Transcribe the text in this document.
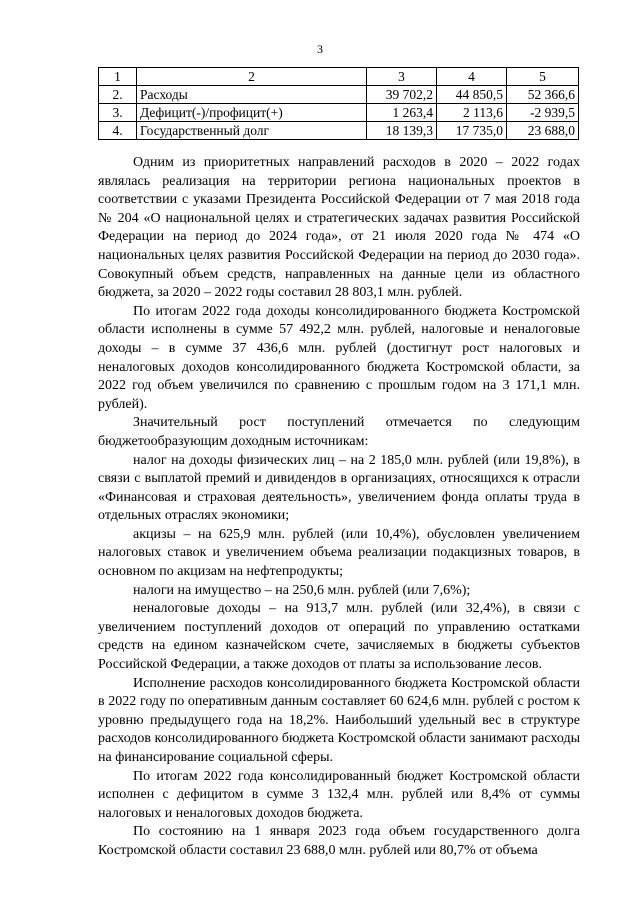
3
1	2	3	4	5
2.	Расходы	39 702,2	44 850,5	52 366,6
3.	Дефицит(-)/профицит(+)	1 263,4	2 113,6	-2 939,5
4.	Государственный долг	18 139,3	17 735,0	23 688,0

Одним из приоритетных направлений расходов в 2020 – 2022 годах являлась реализация на территории региона национальных проектов в соответствии с указами Президента Российской Федерации от 7 мая 2018 года № 204 «О национальной целях и стратегических задачах развития Российской Федерации на период до 2024 года», от 21 июля 2020 года № 474 «О национальных целях развития Российской Федерации на период до 2030 года». Совокупный объем средств, направленных на данные цели из областного бюджета, за 2020 – 2022 годы составил 28 803,1 млн. рублей.

По итогам 2022 года доходы консолидированного бюджета Костромской области исполнены в сумме 57 492,2 млн. рублей, налоговые и неналоговые доходы – в сумме 37 436,6 млн. рублей (достигнут рост налоговых и неналоговых доходов консолидированного бюджета Костромской области, за 2022 год объем увеличился по сравнению с прошлым годом на 3 171,1 млн. рублей).

Значительный рост поступлений отмечается по следующим бюджетообразующим доходным источникам:

налог на доходы физических лиц – на 2 185,0 млн. рублей (или 19,8%), в связи с выплатой премий и дивидендов в организациях, относящихся к отрасли «Финансовая и страховая деятельность», увеличением фонда оплаты труда в отдельных отраслях экономики;

акцизы – на 625,9 млн. рублей (или 10,4%), обусловлен увеличением налоговых ставок и увеличением объема реализации подакцизных товаров, в основном по акцизам на нефтепродукты;

налоги на имущество – на 250,6 млн. рублей (или 7,6%);

неналоговые доходы – на 913,7 млн. рублей (или 32,4%), в связи с увеличением поступлений доходов от операций по управлению остатками средств на едином казначейском счете, зачисляемых в бюджеты субъектов Российской Федерации, а также доходов от платы за использование лесов.

Исполнение расходов консолидированного бюджета Костромской области в 2022 году по оперативным данным составляет 60 624,6 млн. рублей с ростом к уровню предыдущего года на 18,2%. Наибольший удельный вес в структуре расходов консолидированного бюджета Костромской области занимают расходы на финансирование социальной сферы.

По итогам 2022 года консолидированный бюджет Костромской области исполнен с дефицитом в сумме 3 132,4 млн. рублей или 8,4% от суммы налоговых и неналоговых доходов бюджета.

По состоянию на 1 января 2023 года объем государственного долга Костромской области составил 23 688,0 млн. рублей или 80,7% от объема
